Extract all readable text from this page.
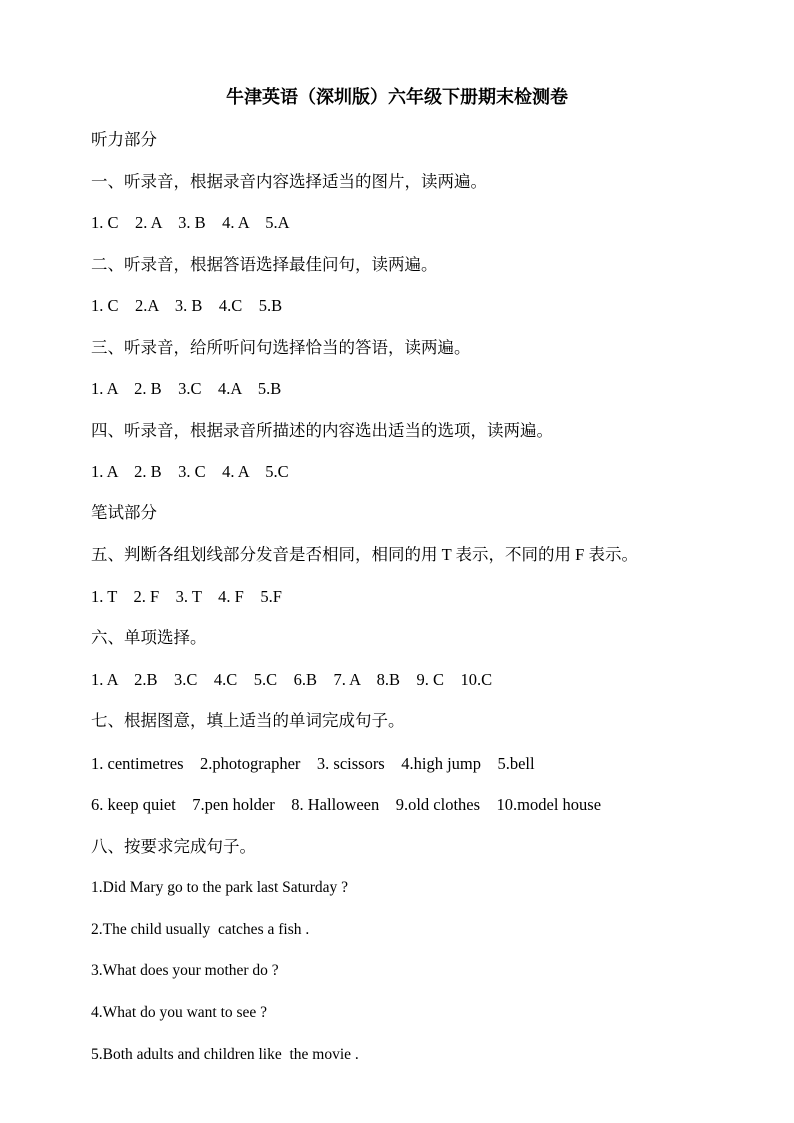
牛津英语（深圳版）六年级下册期末检测卷
听力部分
一、听录音，根据录音内容选择适当的图片，读两遍。
1. C    2. A    3. B    4. A    5.A
二、听录音，根据答语选择最佳问句，读两遍。
1. C    2.A    3. B    4.C    5.B
三、听录音，给所听问句选择恰当的答语，读两遍。
1. A    2. B    3.C    4.A    5.B
四、听录音，根据录音所描述的内容选出适当的选项，读两遍。
1. A    2. B    3. C    4. A    5.C
笔试部分
五、判断各组划线部分发音是否相同，相同的用 T 表示，不同的用 F 表示。
1. T    2. F    3. T    4. F    5.F
六、单项选择。
1. A    2.B    3.C    4.C    5.C    6.B    7. A    8.B    9. C    10.C
七、根据图意，填上适当的单词完成句子。
1. centimetres    2.photographer    3. scissors    4.high jump    5.bell
6. keep quiet    7.pen holder    8. Halloween    9.old clothes    10.model house
八、按要求完成句子。
1.Did Mary go to the park last Saturday ?
2.The child usually  catches a fish .
3.What does your mother do ?
4.What do you want to see ?
5.Both adults and children like  the movie .
